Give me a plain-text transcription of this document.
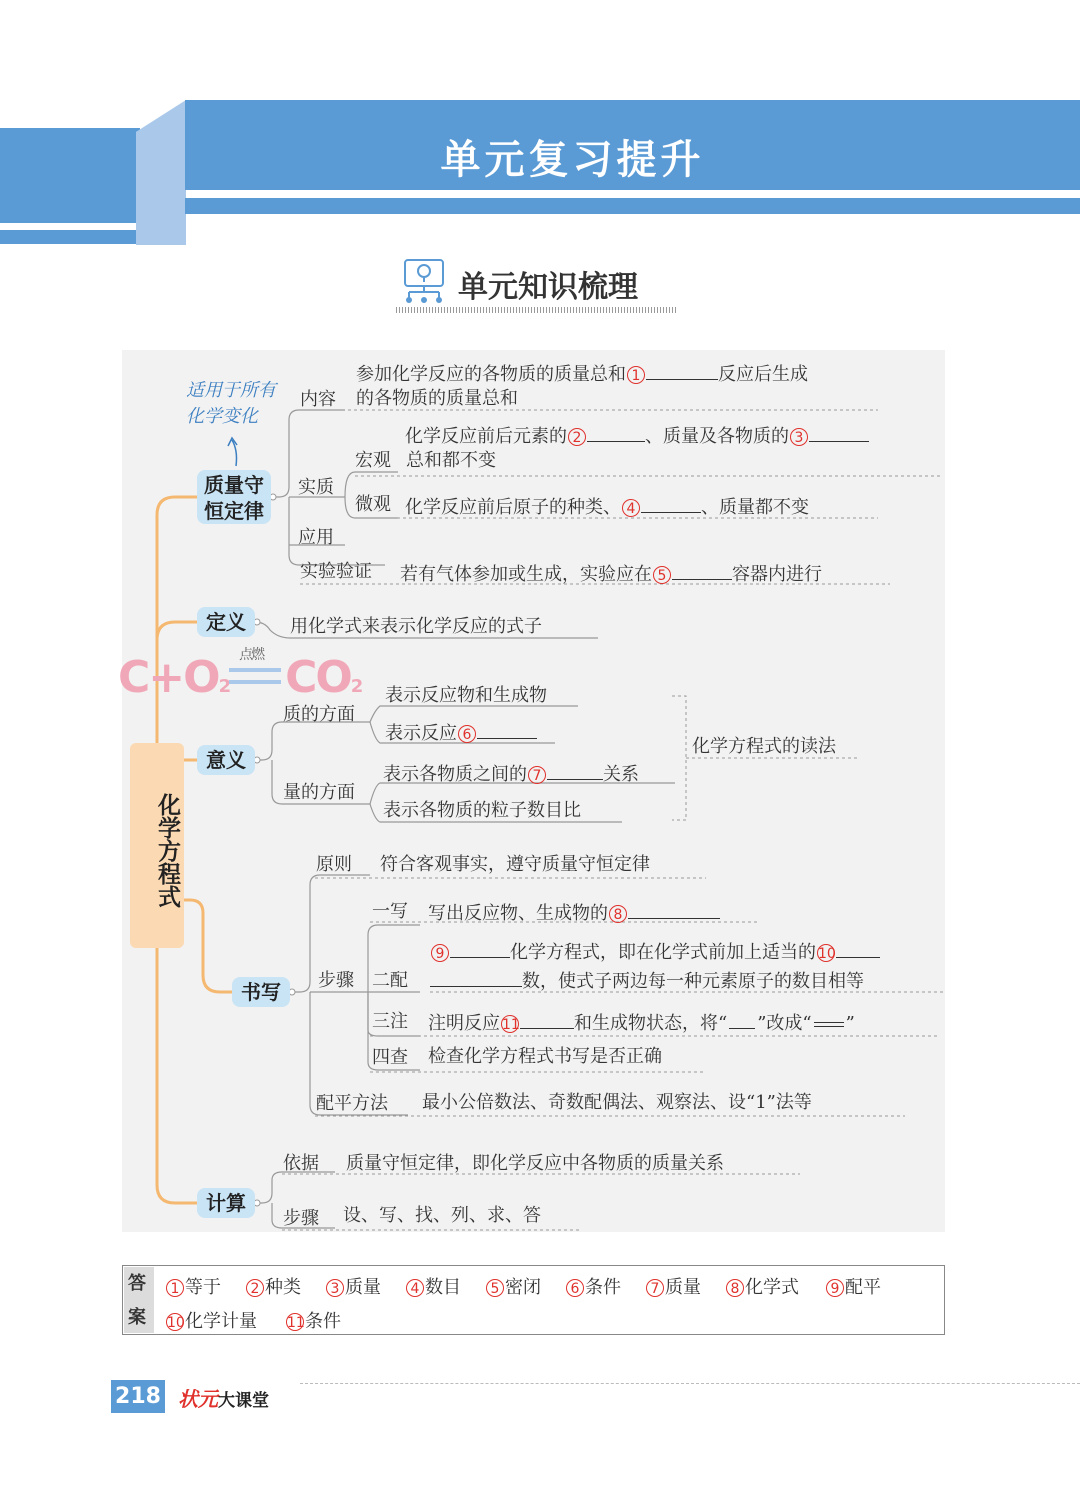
单元复习提升
单元知识梳理
化学方程式
C+O2
点燃 CO2
质量守恒定律
适用于所有化学变化
内容
参加化学反应的各物质的质量总和 1	反应后生成
的各物质的质量总和
实质
化学反应前后元素的 2	、质量及各物质的 3
宏观 总和都不变
微观 化学反应前后原子的种类、 4	、质量都不变
应用
实验验证 若有气体参加或生成，实验应在 5	容器内进行
定义	用化学式来表示化学反应的式子
意义
质的方面
表示反应物和生成物
表示反应 6
量的方面
表示各物质之间的 7	关系
表示各物质的粒子数目比
化学方程式的读法
书写
原则 符合客观事实，遵守质量守恒定律
步骤
一写 写出反应物、生成物的 8
二配
9	化学方程式，即在化学式前加上适当的 10
数，使式子两边每一种元素原子的数目相等
三注 注明反应 11	和生成物状态，将“ ”改成“ ”
四查 检查化学方程式书写是否正确
配平方法 最小公倍数法、奇数配偶法、观察法、设“1”法等
计算
依据 质量守恒定律，即化学反应中各物质的质量关系
步骤 设、写、找、列、求、答
答
案
1 等于	2 种类	3 质量	4 数目	5 密闭	6 条件	7 质量	8 化学式	9 配平
10化学计量 11条件
218 状元大课堂
